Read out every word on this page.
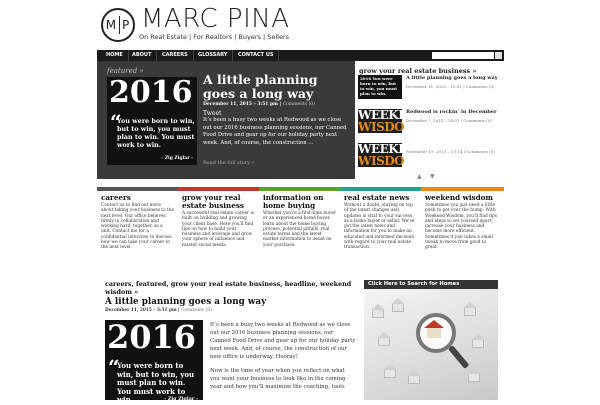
M P MARC PINA
On Real Estate | For Realtors | Buyers | Sellers
HOME	ABOUT	CAREERS	GLOSSARY	CONTACT US
featured »
2016
“
You were born to win, but to win, you must plan to win. You must work to win.
- Zig Ziglar -
A little planning goes a long way
December 11, 2015 – 3:51 pm | Comments (0)
Tweet
It’s been a busy two weeks at Redwood as we close out our 2016 business planning sessions, our Canned Food Drive and gear up for our holiday party next week. And, of course, the construction ...
Read the full story »
grow your real estate business »
2016 You were born to win, but to win, you must plan to win.
A little planning goes a long way
December 11, 2015 – 15:51 | Comments (0)
WEEKEN
WISDO
Redwood is rockin’ in December
December 7, 2015 – 14:01 | Comments (0)
WEEKEN
WISDO
November 19, 2015 – 13:14 | Comments (0)
▲ ▼
careers
Contact us to find out more about taking your business to the next level. Our office believes firmly in collaboration and working hard, together, as a unit. Contact me for a confidential interview to discuss how we can take your career to the next level.
grow your real estate business
A successful real estate career is built on building and growing your client base. Here you'll find tips on how to build your business and leverage and grow your sphere of influence and master social media.
information on home buying
Whether you're a first-time buyer or an experienced home buyer, learn about the home buying process, potential pitfalls, real estate terms and the latest market information to assist on your purchase.
real estate news
Without a doubt, staying on top of the latest changes and updates is vital to your success as a home buyer or seller. We've got the latest news and information for you to make an educated and informed decision with regard to your real estate transaction.
weekend wisdom
Sometimes you just need a little push to get over the hump. With Weekend Wisdom, you'll find tips and ideas to set yourself apart, increase your business and become more efficient. Sometimes it just takes a small tweak to move from good to great.
careers, featured, grow your real estate business, headline, weekend wisdom »
A little planning goes a long way
December 11, 2015 – 3:51 pm | Comments (0)
2016
“
You were born to win, but to win, you must plan to win. You must work to win.	- Zig Ziglar -

It’s been a busy two weeks at Redwood as we close out our 2016 business planning sessions, our Canned Food Drive and gear up for our holiday party next week. And, of course, the construction of our new office is underway. Hooray!

Now is the time of year when you reflect on what you want your business to look like in the coming year and how you’ll maximize the coaching, tools

Click Here to Search for Homes
